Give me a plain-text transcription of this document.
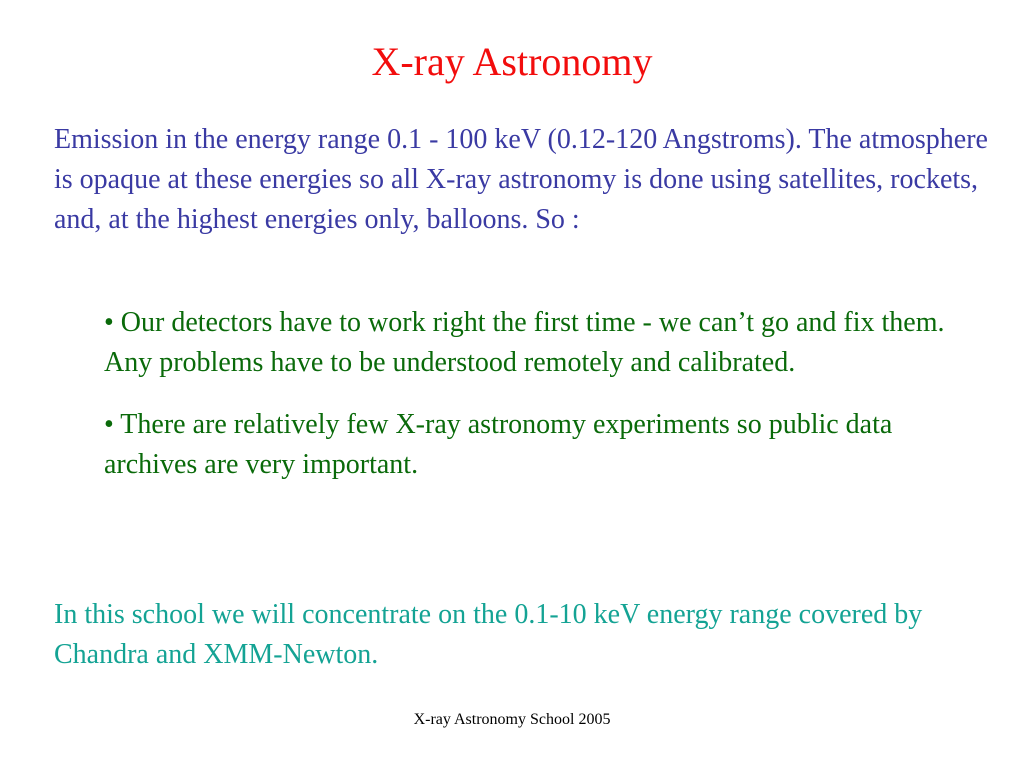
X-ray Astronomy

Emission in the energy range 0.1 - 100 keV (0.12-120 Angstroms). The atmosphere is opaque at these energies so all X-ray astronomy is done using satellites, rockets, and, at the highest energies only, balloons. So :

• Our detectors have to work right the first time - we can’t go and fix them. Any problems have to be understood remotely and calibrated.
• There are relatively few X-ray astronomy experiments so public data archives are very important.

In this school we will concentrate on the 0.1-10 keV energy range covered by Chandra and XMM-Newton.

X-ray Astronomy School 2005
